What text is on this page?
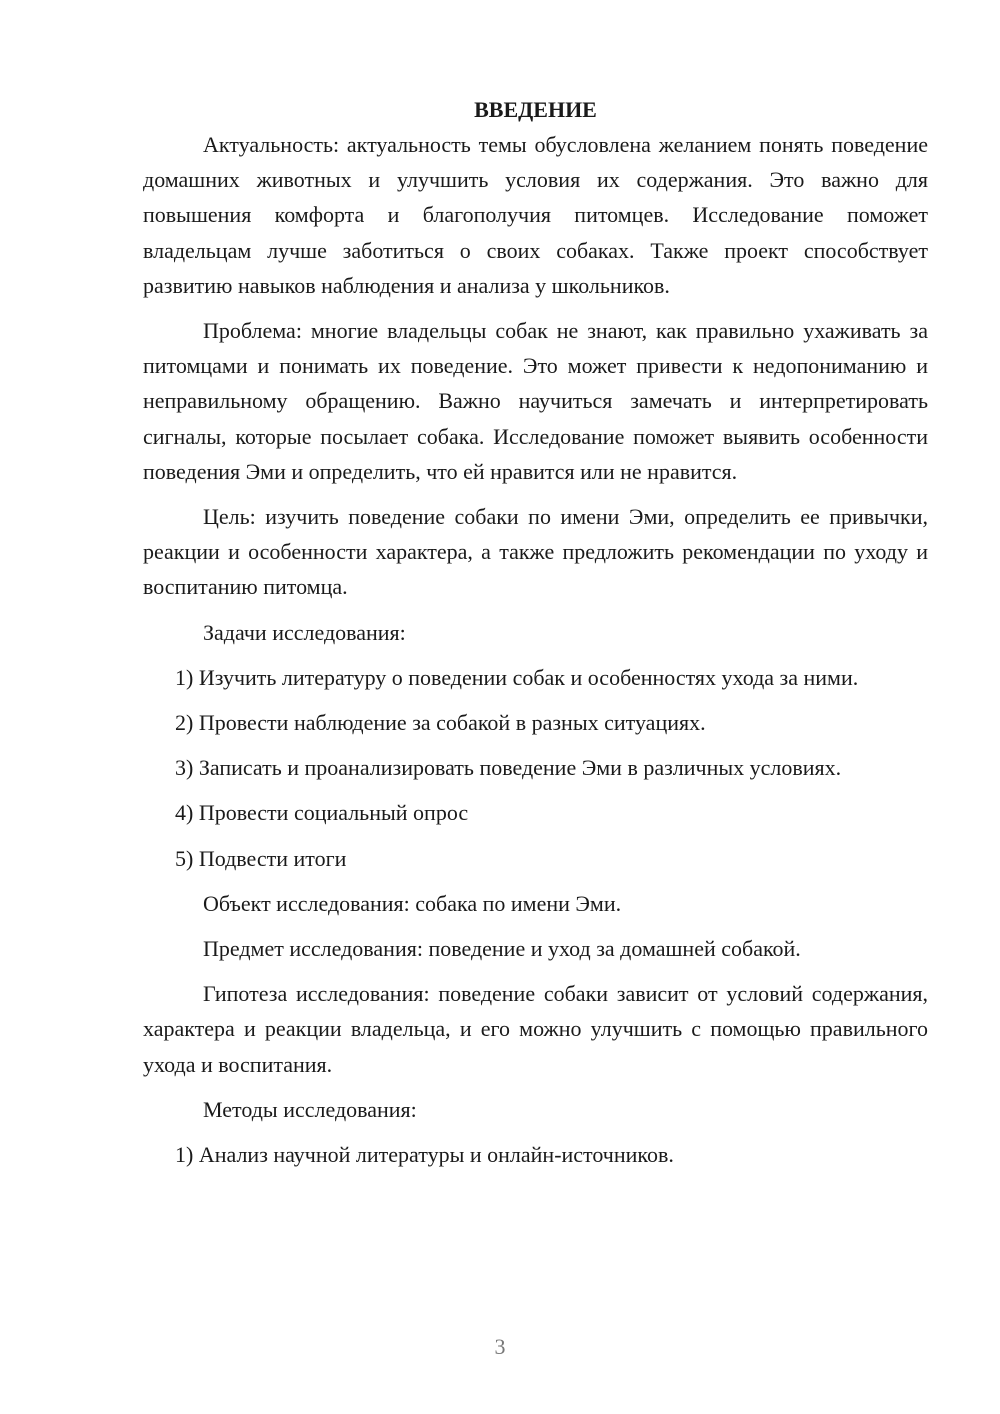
ВВЕДЕНИЕ

Актуальность: актуальность темы обусловлена желанием понять поведение домашних животных и улучшить условия их содержания. Это важно для повышения комфорта и благополучия питомцев. Исследование поможет владельцам лучше заботиться о своих собаках. Также проект способствует развитию навыков наблюдения и анализа у школьников.

Проблема: многие владельцы собак не знают, как правильно ухаживать за питомцами и понимать их поведение. Это может привести к недопониманию и неправильному обращению. Важно научиться замечать и интерпретировать сигналы, которые посылает собака. Исследование поможет выявить особенности поведения Эми и определить, что ей нравится или не нравится.

Цель: изучить поведение собаки по имени Эми, определить ее привычки, реакции и особенности характера, а также предложить рекомендации по уходу и воспитанию питомца.

Задачи исследования:

1) Изучить литературу о поведении собак и особенностях ухода за ними.

2) Провести наблюдение за собакой в разных ситуациях.

3) Записать и проанализировать поведение Эми в различных условиях.

4) Провести социальный опрос

5) Подвести итоги

Объект исследования: собака по имени Эми.

Предмет исследования: поведение и уход за домашней собакой.

Гипотеза исследования: поведение собаки зависит от условий содержания, характера и реакции владельца, и его можно улучшить с помощью правильного ухода и воспитания.

Методы исследования:

1) Анализ научной литературы и онлайн-источников.

3
